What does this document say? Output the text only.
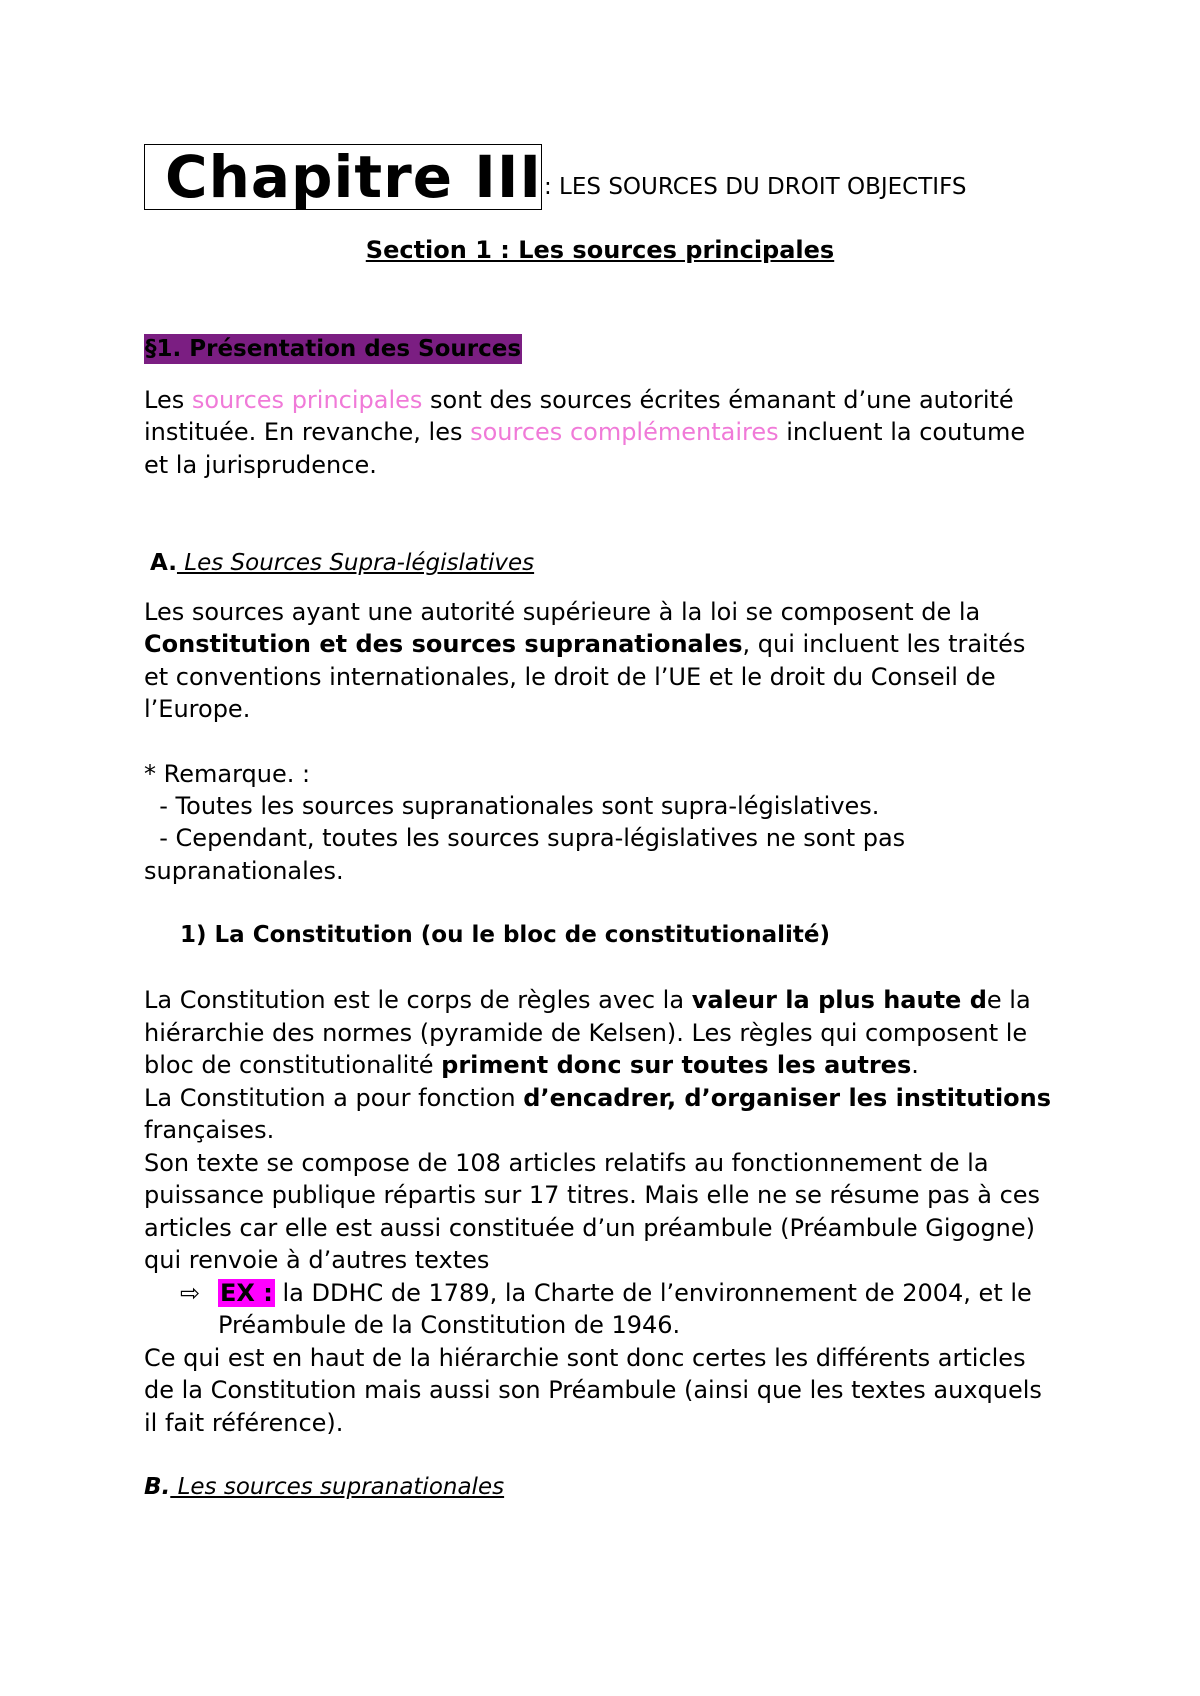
Chapitre III : LES SOURCES DU DROIT OBJECTIFS
Section 1 : Les sources principales
§1. Présentation des Sources
Les sources principales sont des sources écrites émanant d’une autorité
instituée. En revanche, les sources complémentaires incluent la coutume
et la jurisprudence.
A. Les Sources Supra-législatives
Les sources ayant une autorité supérieure à la loi se composent de la
Constitution et des sources supranationales, qui incluent les traités
et conventions internationales, le droit de l’UE et le droit du Conseil de
l’Europe.
* Remarque. :
- Toutes les sources supranationales sont supra-législatives.
- Cependant, toutes les sources supra-législatives ne sont pas
supranationales.
1) La Constitution (ou le bloc de constitutionalité)
La Constitution est le corps de règles avec la valeur la plus haute de la
hiérarchie des normes (pyramide de Kelsen). Les règles qui composent le
bloc de constitutionalité priment donc sur toutes les autres.
La Constitution a pour fonction d’encadrer, d’organiser les institutions
françaises.
Son texte se compose de 108 articles relatifs au fonctionnement de la
puissance publique répartis sur 17 titres. Mais elle ne se résume pas à ces
articles car elle est aussi constituée d’un préambule (Préambule Gigogne)
qui renvoie à d’autres textes
⇨ EX : la DDHC de 1789, la Charte de l’environnement de 2004, et le
Préambule de la Constitution de 1946.
Ce qui est en haut de la hiérarchie sont donc certes les différents articles
de la Constitution mais aussi son Préambule (ainsi que les textes auxquels
il fait référence).
B. Les sources supranationales
